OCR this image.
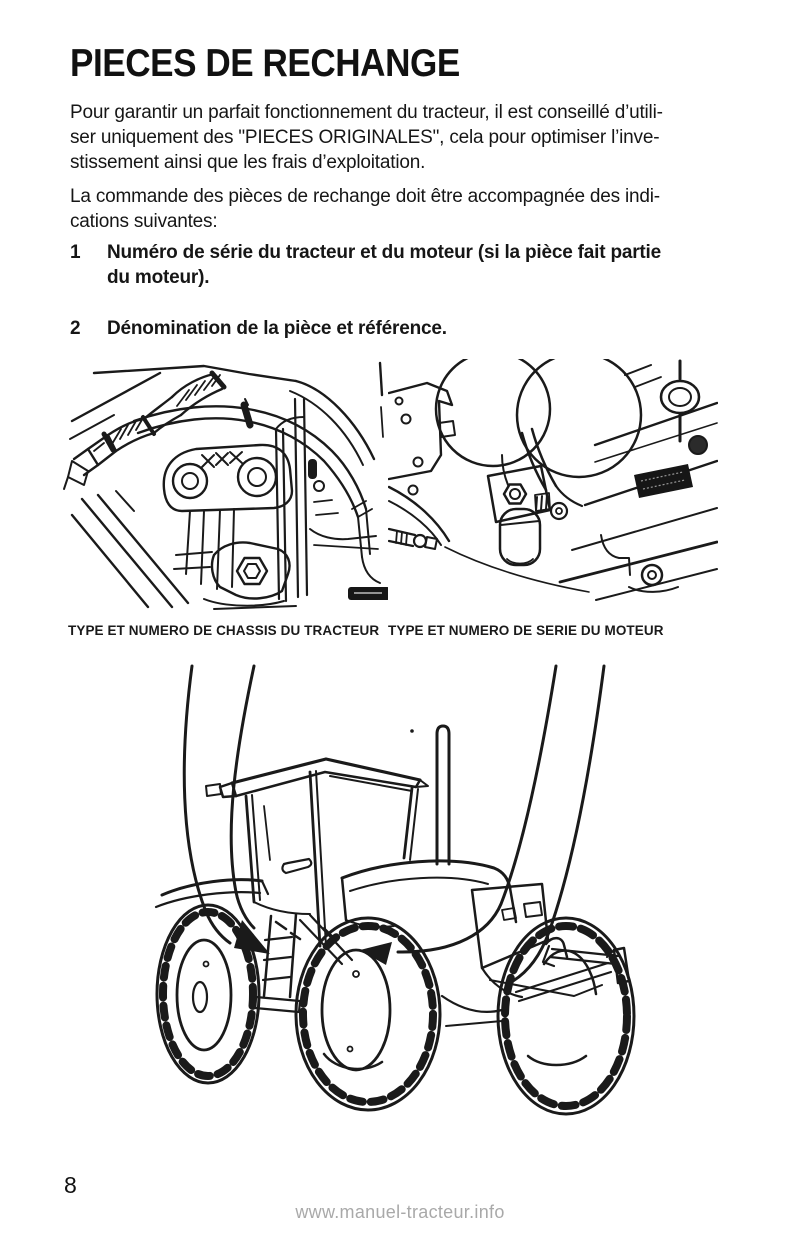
PIECES DE RECHANGE
Pour garantir un parfait fonctionnement du tracteur, il est conseillé d’utili-
ser uniquement des "PIECES ORIGINALES", cela pour optimiser l’inve-
stissement ainsi que les frais d’exploitation.
La commande des pièces de rechange doit être accompagnée des indi-
cations suivantes:
1	Numéro de série du tracteur et du moteur (si la pièce fait partie
du moteur).
2	Dénomination de la pièce et référence.
TYPE ET NUMERO DE CHASSIS DU TRACTEUR TYPE ET NUMERO DE SERIE DU MOTEUR
8
www.manuel-tracteur.info
